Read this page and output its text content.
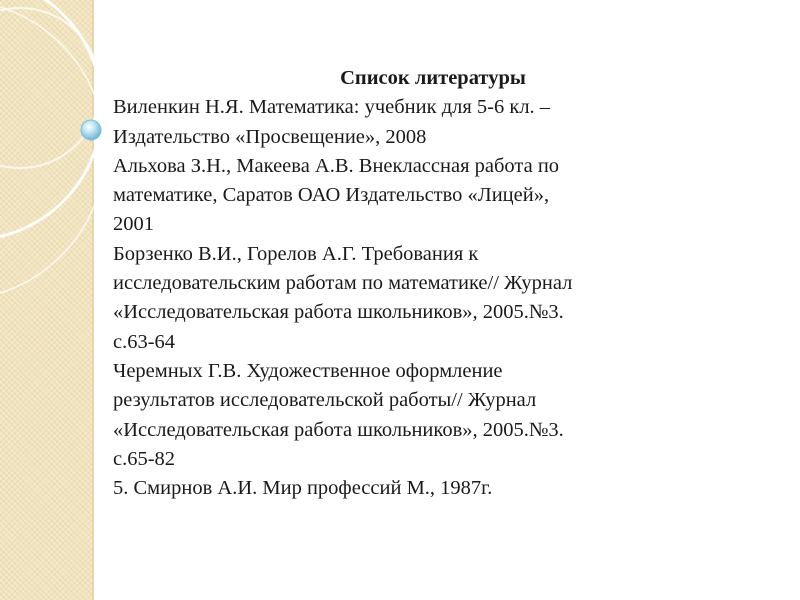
Список литературы

Виленкин Н.Я. Математика: учебник для 5-6 кл. –
Издательство «Просвещение», 2008

Альхова З.Н., Макеева А.В. Внеклассная работа по
математике, Саратов ОАО Издательство «Лицей»,
2001

Борзенко В.И., Горелов А.Г. Требования к
исследовательским работам по математике// Журнал
«Исследовательская работа школьников», 2005.№3.
с.63-64

Черемных Г.В. Художественное оформление
результатов исследовательской работы// Журнал
«Исследовательская работа школьников», 2005.№3.
с.65-82

5. Смирнов А.И. Мир профессий М., 1987г.
